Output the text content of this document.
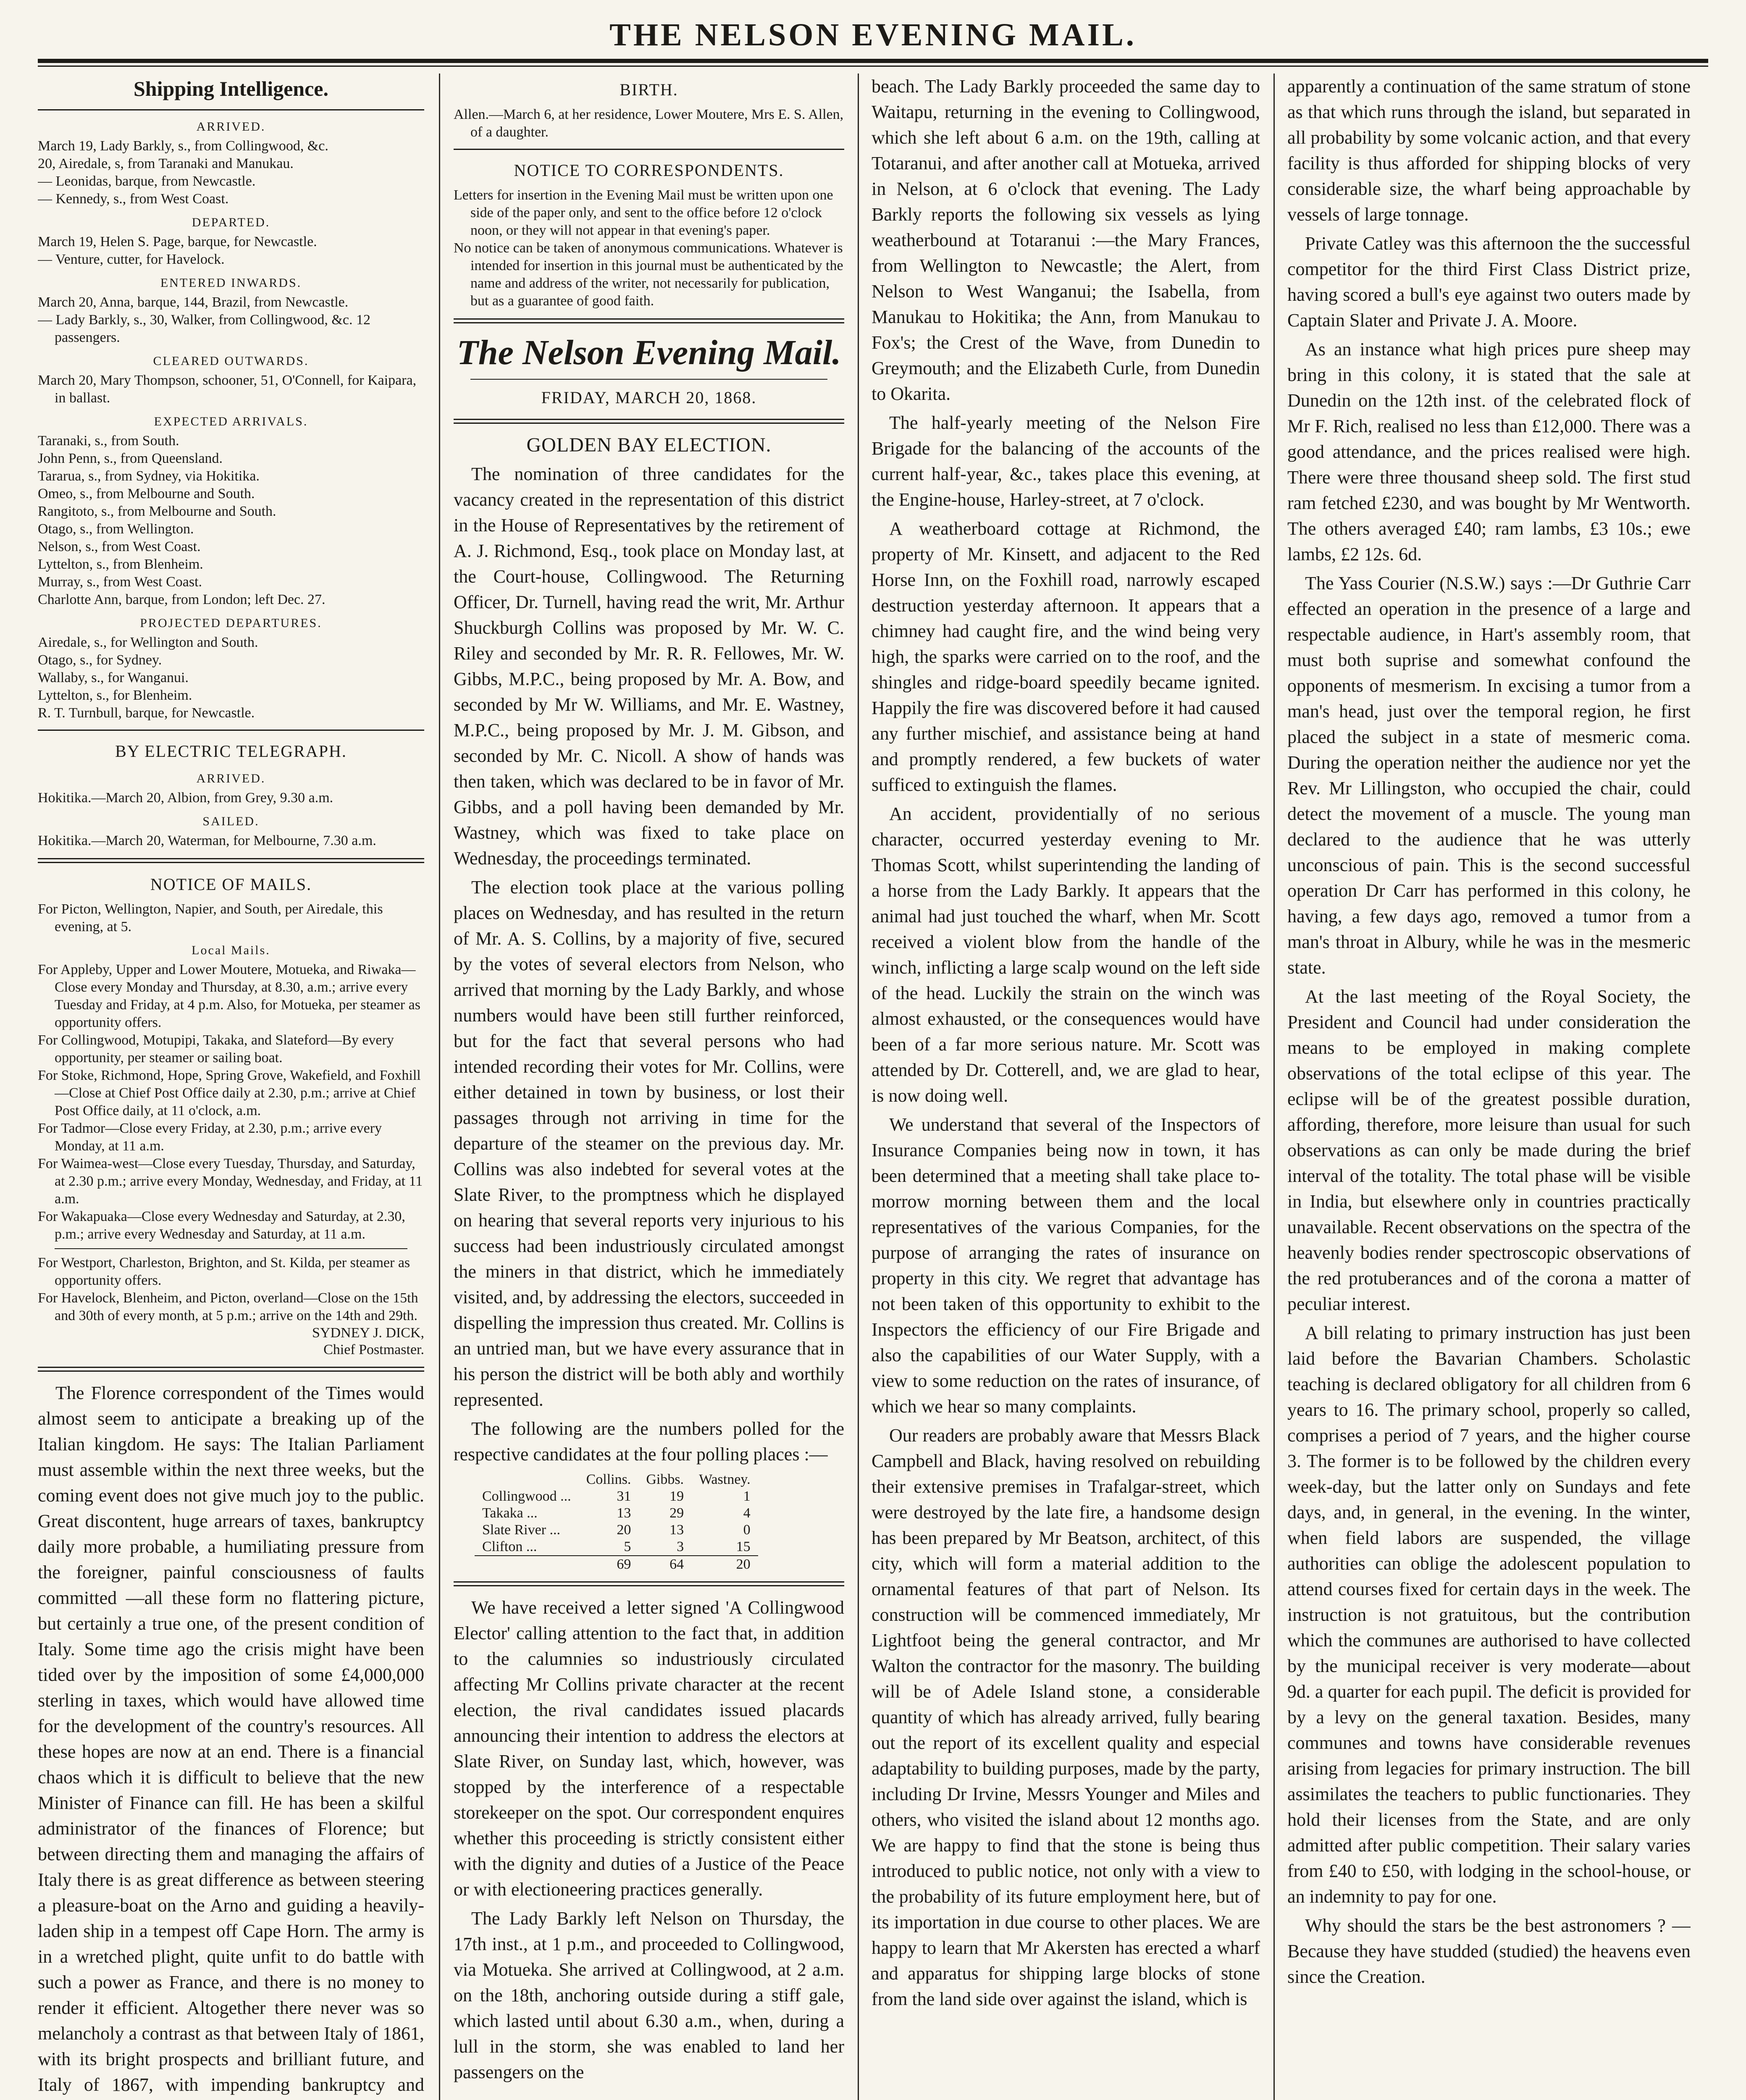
THE NELSON EVENING MAIL.
Shipping Intelligence.
ARRIVED.
March 19, Lady Barkly, s., from Collingwood, &c.
20, Airedale, s, from Taranaki and Manukau.
— Leonidas, barque, from Newcastle.
— Kennedy, s., from West Coast.
DEPARTED.
March 19, Helen S. Page, barque, for Newcastle.
— Venture, cutter, for Havelock.
ENTERED INWARDS.
March 20, Anna, barque, 144, Brazil, from Newcastle.
— Lady Barkly, s., 30, Walker, from Collingwood, &c. 12 passengers.
CLEARED OUTWARDS.
March 20, Mary Thompson, schooner, 51, O'Connell, for Kaipara, in ballast.
EXPECTED ARRIVALS.
Taranaki, s., from South.
John Penn, s., from Queensland.
Tararua, s., from Sydney, via Hokitika.
Omeo, s., from Melbourne and South.
Rangitoto, s., from Melbourne and South.
Otago, s., from Wellington.
Nelson, s., from West Coast.
Lyttelton, s., from Blenheim.
Murray, s., from West Coast.
Charlotte Ann, barque, from London; left Dec. 27.
PROJECTED DEPARTURES.
Airedale, s., for Wellington and South.
Otago, s., for Sydney.
Wallaby, s., for Wanganui.
Lyttelton, s., for Blenheim.
R. T. Turnbull, barque, for Newcastle.
BY ELECTRIC TELEGRAPH.
ARRIVED.
Hokitika.—March 20, Albion, from Grey, 9.30 a.m.
SAILED.
Hokitika.—March 20, Waterman, for Melbourne, 7.30 a.m.
NOTICE OF MAILS.
For Picton, Wellington, Napier, and South, per Airedale, this evening, at 5.
Local Mails.
For Appleby, Upper and Lower Moutere, Motueka, and Riwaka—Close every Monday and Thursday, at 8.30, a.m.; arrive every Tuesday and Friday, at 4 p.m. Also, for Motueka, per steamer as opportunity offers.
For Collingwood, Motupipi, Takaka, and Slateford—By every opportunity, per steamer or sailing boat.
For Stoke, Richmond, Hope, Spring Grove, Wakefield, and Foxhill—Close at Chief Post Office daily at 2.30, p.m.; arrive at Chief Post Office daily, at 11 o'clock, a.m.
For Tadmor—Close every Friday, at 2.30, p.m.; arrive every Monday, at 11 a.m.
For Waimea-west—Close every Tuesday, Thursday, and Saturday, at 2.30 p.m.; arrive every Monday, Wednesday, and Friday, at 11 a.m.
For Wakapuaka—Close every Wednesday and Saturday, at 2.30, p.m.; arrive every Wednesday and Saturday, at 11 a.m.
For Westport, Charleston, Brighton, and St. Kilda, per steamer as opportunity offers.
For Havelock, Blenheim, and Picton, overland—Close on the 15th and 30th of every month, at 5 p.m.; arrive on the 14th and 29th.
SYDNEY J. DICK,
Chief Postmaster.

The Florence correspondent of the Times would almost seem to anticipate a breaking up of the Italian kingdom. He says: The Italian Parliament must assemble within the next three weeks, but the coming event does not give much joy to the public. Great discontent, huge arrears of taxes, bankruptcy daily more probable, a humiliating pressure from the foreigner, painful consciousness of faults committed —all these form no flattering picture, but certainly a true one, of the present condition of Italy. Some time ago the crisis might have been tided over by the imposition of some £4,000,000 sterling in taxes, which would have allowed time for the development of the country's resources. All these hopes are now at an end. There is a financial chaos which it is difficult to believe that the new Minister of Finance can fill. He has been a skilful administrator of the finances of Florence; but between directing them and managing the affairs of Italy there is as great difference as between steering a pleasure-boat on the Arno and guiding a heavily-laden ship in a tempest off Cape Horn. The army is in a wretched plight, quite unfit to do battle with such a power as France, and there is no money to render it efficient. Altogether there never was so melancholy a contrast as that between Italy of 1861, with its bright prospects and brilliant future, and Italy of 1867, with impending bankruptcy and

BIRTH.
Allen.—March 6, at her residence, Lower Moutere, Mrs E. S. Allen, of a daughter.
NOTICE TO CORRESPONDENTS.
Letters for insertion in the Evening Mail must be written upon one side of the paper only, and sent to the office before 12 o'clock noon, or they will not appear in that evening's paper.
No notice can be taken of anonymous communications. Whatever is intended for insertion in this journal must be authenticated by the name and address of the writer, not necessarily for publication, but as a guarantee of good faith.
The Nelson Evening Mail.
FRIDAY, MARCH 20, 1868.
GOLDEN BAY ELECTION.

The nomination of three candidates for the vacancy created in the representation of this district in the House of Representatives by the retirement of A. J. Richmond, Esq., took place on Monday last, at the Court-house, Collingwood. The Returning Officer, Dr. Turnell, having read the writ, Mr. Arthur Shuckburgh Collins was proposed by Mr. W. C. Riley and seconded by Mr. R. R. Fellowes, Mr. W. Gibbs, M.P.C., being proposed by Mr. A. Bow, and seconded by Mr W. Williams, and Mr. E. Wastney, M.P.C., being proposed by Mr. J. M. Gibson, and seconded by Mr. C. Nicoll. A show of hands was then taken, which was declared to be in favor of Mr. Gibbs, and a poll having been demanded by Mr. Wastney, which was fixed to take place on Wednesday, the proceedings terminated.

The election took place at the various polling places on Wednesday, and has resulted in the return of Mr. A. S. Collins, by a majority of five, secured by the votes of several electors from Nelson, who arrived that morning by the Lady Barkly, and whose numbers would have been still further reinforced, but for the fact that several persons who had intended recording their votes for Mr. Collins, were either detained in town by business, or lost their passages through not arriving in time for the departure of the steamer on the previous day. Mr. Collins was also indebted for several votes at the Slate River, to the promptness which he displayed on hearing that several reports very injurious to his success had been industriously circulated amongst the miners in that district, which he immediately visited, and, by addressing the electors, succeeded in dispelling the impression thus created. Mr. Collins is an untried man, but we have every assurance that in his person the district will be both ably and worthily represented.

The following are the numbers polled for the respective candidates at the four polling places :—

	Collins.	Gibbs.	Wastney.
Collingwood ...	31	19	1
Takaka ...	13	29	4
Slate River ...	20	13	0
Clifton ...	5	3	15
	69	64	20

We have received a letter signed 'A Collingwood Elector' calling attention to the fact that, in addition to the calumnies so industriously circulated affecting Mr Collins private character at the recent election, the rival candidates issued placards announcing their intention to address the electors at Slate River, on Sunday last, which, however, was stopped by the interference of a respectable storekeeper on the spot. Our correspondent enquires whether this proceeding is strictly consistent either with the dignity and duties of a Justice of the Peace or with electioneering practices generally.

The Lady Barkly left Nelson on Thursday, the 17th inst., at 1 p.m., and proceeded to Collingwood, via Motueka. She arrived at Collingwood, at 2 a.m. on the 18th, anchoring outside during a stiff gale, which lasted until about 6.30 a.m., when, during a lull in the storm, she was enabled to land her passengers on the

beach. The Lady Barkly proceeded the same day to Waitapu, returning in the evening to Collingwood, which she left about 6 a.m. on the 19th, calling at Totaranui, and after another call at Motueka, arrived in Nelson, at 6 o'clock that evening. The Lady Barkly reports the following six vessels as lying weatherbound at Totaranui :—the Mary Frances, from Wellington to Newcastle; the Alert, from Nelson to West Wanganui; the Isabella, from Manukau to Hokitika; the Ann, from Manukau to Fox's; the Crest of the Wave, from Dunedin to Greymouth; and the Elizabeth Curle, from Dunedin to Okarita.

The half-yearly meeting of the Nelson Fire Brigade for the balancing of the accounts of the current half-year, &c., takes place this evening, at the Engine-house, Harley-street, at 7 o'clock.

A weatherboard cottage at Richmond, the property of Mr. Kinsett, and adjacent to the Red Horse Inn, on the Foxhill road, narrowly escaped destruction yesterday afternoon. It appears that a chimney had caught fire, and the wind being very high, the sparks were carried on to the roof, and the shingles and ridge-board speedily became ignited. Happily the fire was discovered before it had caused any further mischief, and assistance being at hand and promptly rendered, a few buckets of water sufficed to extinguish the flames.

An accident, providentially of no serious character, occurred yesterday evening to Mr. Thomas Scott, whilst superintending the landing of a horse from the Lady Barkly. It appears that the animal had just touched the wharf, when Mr. Scott received a violent blow from the handle of the winch, inflicting a large scalp wound on the left side of the head. Luckily the strain on the winch was almost exhausted, or the consequences would have been of a far more serious nature. Mr. Scott was attended by Dr. Cotterell, and, we are glad to hear, is now doing well.

We understand that several of the Inspectors of Insurance Companies being now in town, it has been determined that a meeting shall take place to-morrow morning between them and the local representatives of the various Companies, for the purpose of arranging the rates of insurance on property in this city. We regret that advantage has not been taken of this opportunity to exhibit to the Inspectors the efficiency of our Fire Brigade and also the capabilities of our Water Supply, with a view to some reduction on the rates of insurance, of which we hear so many complaints.

Our readers are probably aware that Messrs Black Campbell and Black, having resolved on rebuilding their extensive premises in Trafalgar-street, which were destroyed by the late fire, a handsome design has been prepared by Mr Beatson, architect, of this city, which will form a material addition to the ornamental features of that part of Nelson. Its construction will be commenced immediately, Mr Lightfoot being the general contractor, and Mr Walton the contractor for the masonry. The building will be of Adele Island stone, a considerable quantity of which has already arrived, fully bearing out the report of its excellent quality and especial adaptability to building purposes, made by the party, including Dr Irvine, Messrs Younger and Miles and others, who visited the island about 12 months ago. We are happy to find that the stone is being thus introduced to public notice, not only with a view to the probability of its future employment here, but of its importation in due course to other places. We are happy to learn that Mr Akersten has erected a wharf and apparatus for shipping large blocks of stone from the land side over against the island, which is

apparently a continuation of the same stratum of stone as that which runs through the island, but separated in all probability by some volcanic action, and that every facility is thus afforded for shipping blocks of very considerable size, the wharf being approachable by vessels of large tonnage.

Private Catley was this afternoon the the successful competitor for the third First Class District prize, having scored a bull's eye against two outers made by Captain Slater and Private J. A. Moore.

As an instance what high prices pure sheep may bring in this colony, it is stated that the sale at Dunedin on the 12th inst. of the celebrated flock of Mr F. Rich, realised no less than £12,000. There was a good attendance, and the prices realised were high. There were three thousand sheep sold. The first stud ram fetched £230, and was bought by Mr Wentworth. The others averaged £40; ram lambs, £3 10s.; ewe lambs, £2 12s. 6d.

The Yass Courier (N.S.W.) says :—Dr Guthrie Carr effected an operation in the presence of a large and respectable audience, in Hart's assembly room, that must both suprise and somewhat confound the opponents of mesmerism. In excising a tumor from a man's head, just over the temporal region, he first placed the subject in a state of mesmeric coma. During the operation neither the audience nor yet the Rev. Mr Lillingston, who occupied the chair, could detect the movement of a muscle. The young man declared to the audience that he was utterly unconscious of pain. This is the second successful operation Dr Carr has performed in this colony, he having, a few days ago, removed a tumor from a man's throat in Albury, while he was in the mesmeric state.

At the last meeting of the Royal Society, the President and Council had under consideration the means to be employed in making complete observations of the total eclipse of this year. The eclipse will be of the greatest possible duration, affording, therefore, more leisure than usual for such observations as can only be made during the brief interval of the totality. The total phase will be visible in India, but elsewhere only in countries practically unavailable. Recent observations on the spectra of the heavenly bodies render spectroscopic observations of the red protuberances and of the corona a matter of peculiar interest.

A bill relating to primary instruction has just been laid before the Bavarian Chambers. Scholastic teaching is declared obligatory for all children from 6 years to 16. The primary school, properly so called, comprises a period of 7 years, and the higher course 3. The former is to be followed by the children every week-day, but the latter only on Sundays and fete days, and, in general, in the evening. In the winter, when field labors are suspended, the village authorities can oblige the adolescent population to attend courses fixed for certain days in the week. The instruction is not gratuitous, but the contribution which the communes are authorised to have collected by the municipal receiver is very moderate—about 9d. a quarter for each pupil. The deficit is provided for by a levy on the general taxation. Besides, many communes and towns have considerable revenues arising from legacies for primary instruction. The bill assimilates the teachers to public functionaries. They hold their licenses from the State, and are only admitted after public competition. Their salary varies from £40 to £50, with lodging in the school-house, or an indemnity to pay for one.

Why should the stars be the best astronomers ? — Because they have studded (studied) the heavens even since the Creation.
